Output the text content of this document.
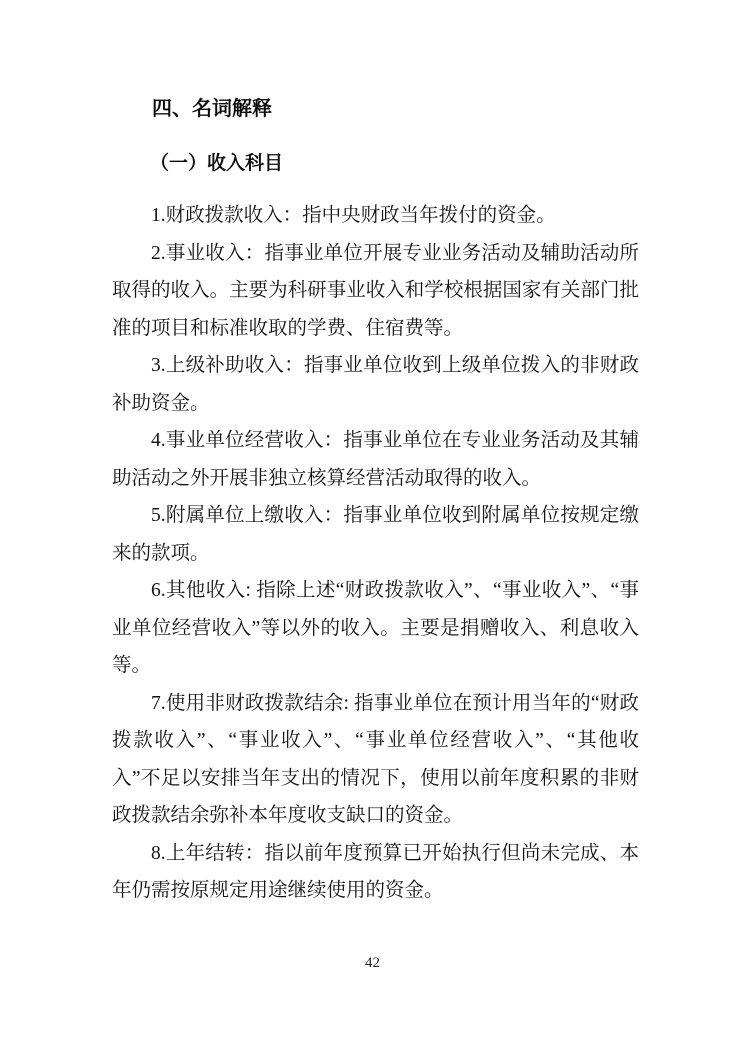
四、名词解释
（一）收入科目

1.财政拨款收入：指中央财政当年拨付的资金。

2.事业收入：指事业单位开展专业业务活动及辅助活动所取得的收入。主要为科研事业收入和学校根据国家有关部门批准的项目和标准收取的学费、住宿费等。

3.上级补助收入：指事业单位收到上级单位拨入的非财政补助资金。

4.事业单位经营收入：指事业单位在专业业务活动及其辅助活动之外开展非独立核算经营活动取得的收入。

5.附属单位上缴收入：指事业单位收到附属单位按规定缴来的款项。

6.其他收入: 指除上述“财政拨款收入”、“事业收入”、“事业单位经营收入”等以外的收入。主要是捐赠收入、利息收入等。

7.使用非财政拨款结余: 指事业单位在预计用当年的“财政拨款收入”、“事业收入”、“事业单位经营收入”、“其他收入”不足以安排当年支出的情况下，使用以前年度积累的非财政拨款结余弥补本年度收支缺口的资金。

8.上年结转：指以前年度预算已开始执行但尚未完成、本年仍需按原规定用途继续使用的资金。

42
